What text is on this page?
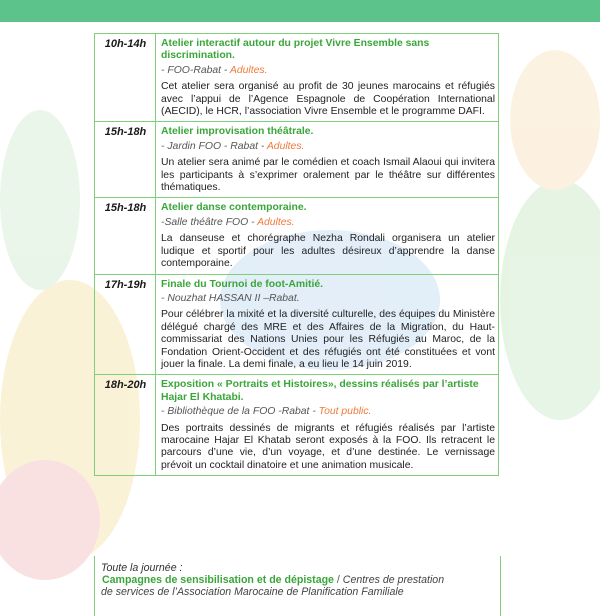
10h-14h	Atelier interactif autour du projet Vivre Ensemble sans discrimination.
- FOO-Rabat - Adultes.
Cet atelier sera organisé au profit de 30 jeunes marocains et réfugiés avec l’appui de l’Agence Espagnole de Coopération International (AECID), le HCR, l’association Vivre Ensemble et le programme DAFI.

15h-18h	Atelier improvisation théâtrale.
- Jardin FOO - Rabat - Adultes.
Un atelier sera animé par le comédien et coach Ismail Alaoui qui invitera les participants à s’exprimer oralement par le théâtre sur différentes thématiques.

15h-18h	Atelier danse contemporaine.
-Salle théâtre FOO - Adultes.
La danseuse et chorégraphe Nezha Rondali organisera un atelier ludique et sportif pour les adultes désireux d’apprendre la danse contemporaine.

17h-19h	Finale du Tournoi de foot-Amitié.
- Nouzhat HASSAN II –Rabat.
Pour célébrer la mixité et la diversité culturelle, des équipes du Ministère délégué chargé des MRE et des Affaires de la Migration, du Haut-commissariat des Nations Unies pour les Réfugiés au Maroc, de la Fondation Orient-Occident et des réfugiés ont été constituées et vont jouer la finale. La demi finale, a eu lieu le 14 juin 2019.

18h-20h	Exposition « Portraits et Histoires», dessins réalisés par l’artiste Hajar El Khatabi.
- Bibliothèque de la FOO -Rabat - Tout public.
Des portraits dessinés de migrants et réfugiés réalisés par l’artiste marocaine Hajar El Khatab seront exposés à la FOO. Ils retracent le parcours d’une vie, d’un voyage, et d’une destinée. Le vernissage prévoit un cocktail dinatoire et une animation musicale.
Toute la journée :
Campagnes de sensibilisation et de dépistage / Centres de prestation
de services de l’Association Marocaine de Planification Familiale
